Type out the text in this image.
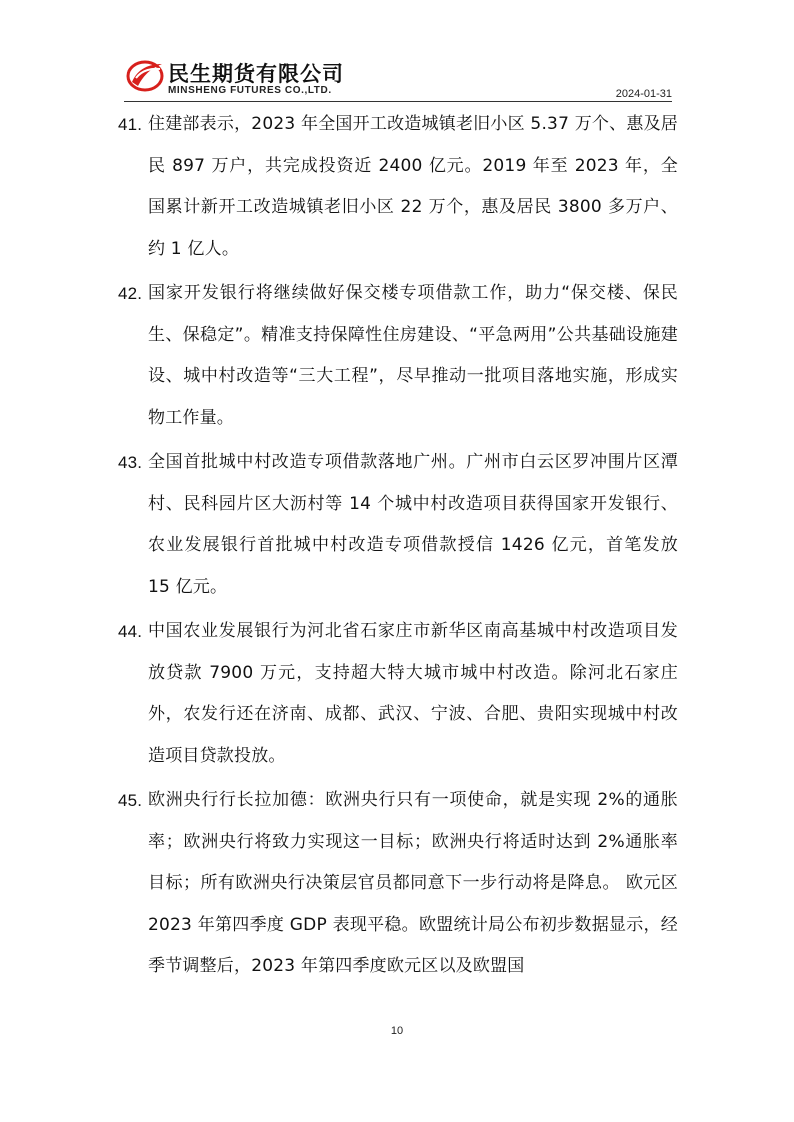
民生期货有限公司
MINSHENG FUTURES CO.,LTD.	2024-01-31

41. 住建部表示，2023 年全国开工改造城镇老旧小区 5.37 万个、惠及居民 897 万户，共完成投资近 2400 亿元。2019 年至 2023 年，全国累计新开工改造城镇老旧小区 22 万个，惠及居民 3800 多万户、约 1 亿人。

42. 国家开发银行将继续做好保交楼专项借款工作，助力“保交楼、保民生、保稳定”。精准支持保障性住房建设、“平急两用”公共基础设施建设、城中村改造等“三大工程”，尽早推动一批项目落地实施，形成实物工作量。

43. 全国首批城中村改造专项借款落地广州。广州市白云区罗冲围片区潭村、民科园片区大沥村等 14 个城中村改造项目获得国家开发银行、农业发展银行首批城中村改造专项借款授信 1426 亿元，首笔发放 15 亿元。

44. 中国农业发展银行为河北省石家庄市新华区南高基城中村改造项目发放贷款 7900 万元，支持超大特大城市城中村改造。除河北石家庄外，农发行还在济南、成都、武汉、宁波、合肥、贵阳实现城中村改造项目贷款投放。

45. 欧洲央行行长拉加德：欧洲央行只有一项使命，就是实现 2%的通胀率；欧洲央行将致力实现这一目标；欧洲央行将适时达到 2%通胀率目标；所有欧洲央行决策层官员都同意下一步行动将是降息。 欧元区 2023 年第四季度 GDP 表现平稳。欧盟统计局公布初步数据显示，经季节调整后，2023 年第四季度欧元区以及欧盟国

10
